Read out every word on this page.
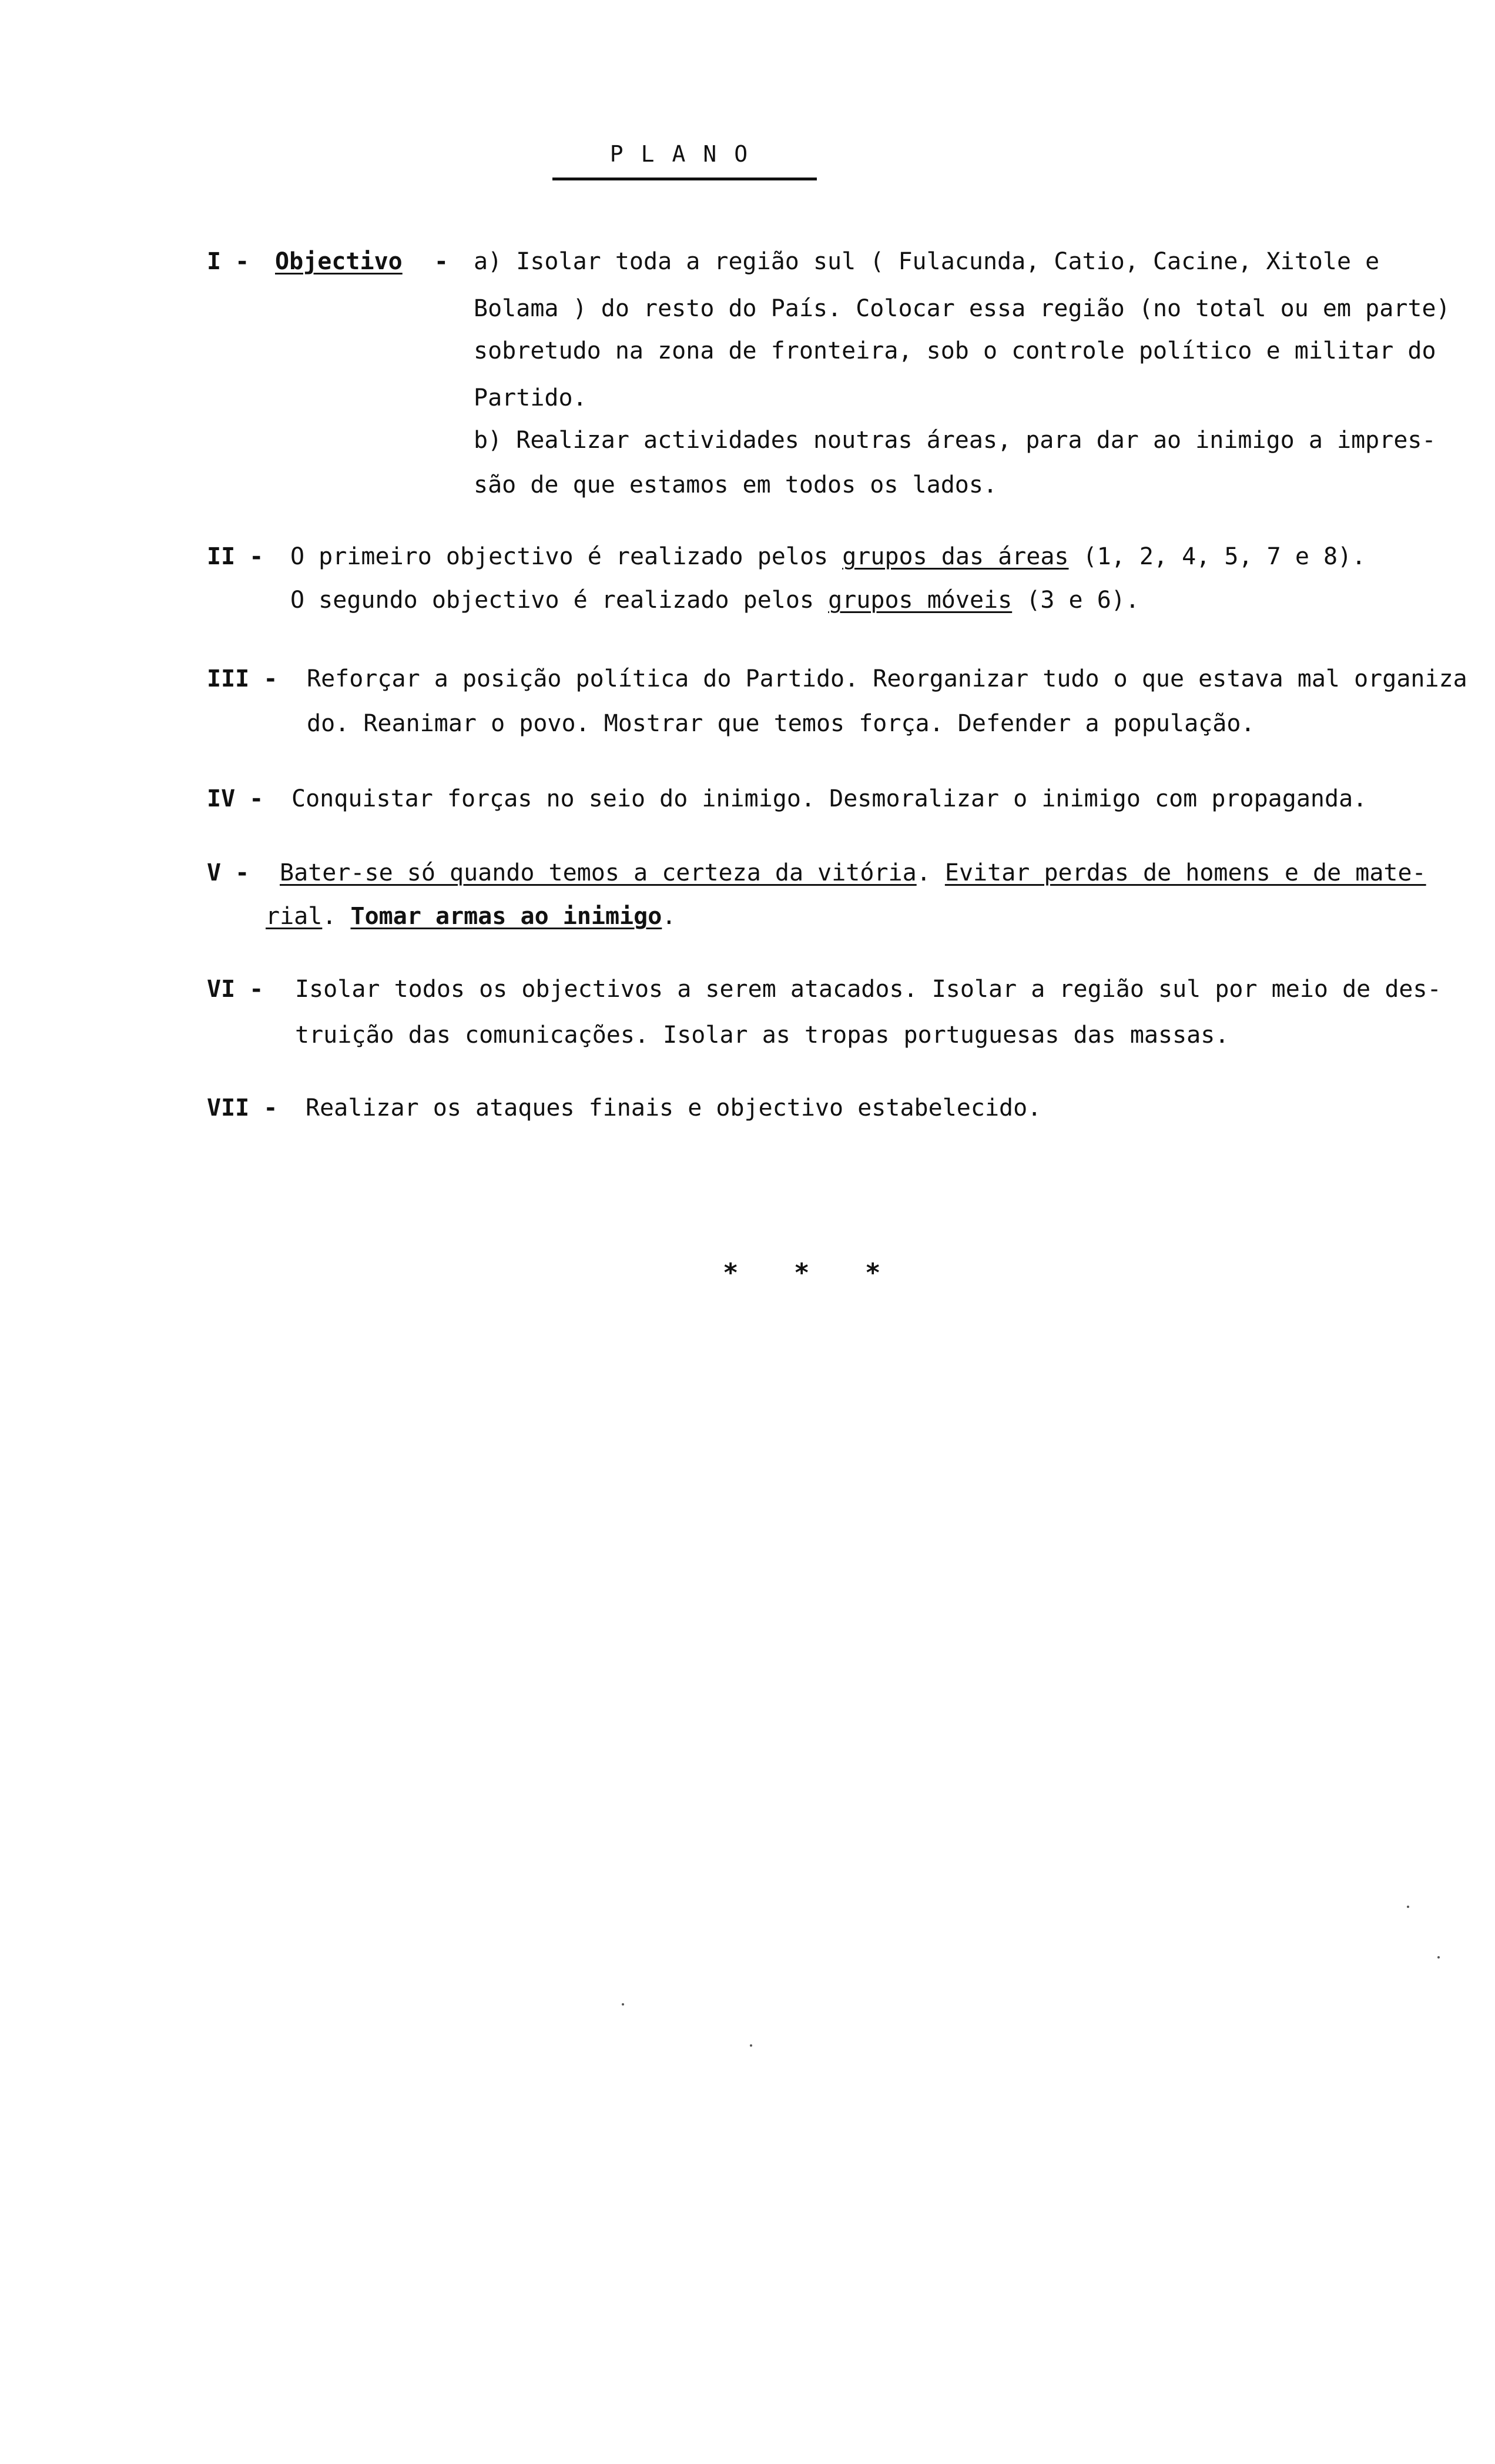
PLANO
I - Objectivo - a) Isolar toda a região sul ( Fulacunda, Catio, Cacine, Xitole e
Bolama ) do resto do País. Colocar essa região (no total ou em parte)
sobretudo na zona de fronteira, sob o controle político e militar do
Partido.
b) Realizar actividades noutras áreas, para dar ao inimigo a impres-
são de que estamos em todos os lados.
II - O primeiro objectivo é realizado pelos grupos das áreas (1, 2, 4, 5, 7 e 8).
O segundo objectivo é realizado pelos grupos móveis (3 e 6).
III - Reforçar a posição política do Partido. Reorganizar tudo o que estava mal organiza
do. Reanimar o povo. Mostrar que temos força. Defender a população.
IV - Conquistar forças no seio do inimigo. Desmoralizar o inimigo com propaganda.
V - Bater-se só quando temos a certeza da vitória. Evitar perdas de homens e de mate-
rial. Tomar armas ao inimigo.
VI - Isolar todos os objectivos a serem atacados. Isolar a região sul por meio de des-
truição das comunicações. Isolar as tropas portuguesas das massas.
VII - Realizar os ataques finais e objectivo estabelecido.
* * *
